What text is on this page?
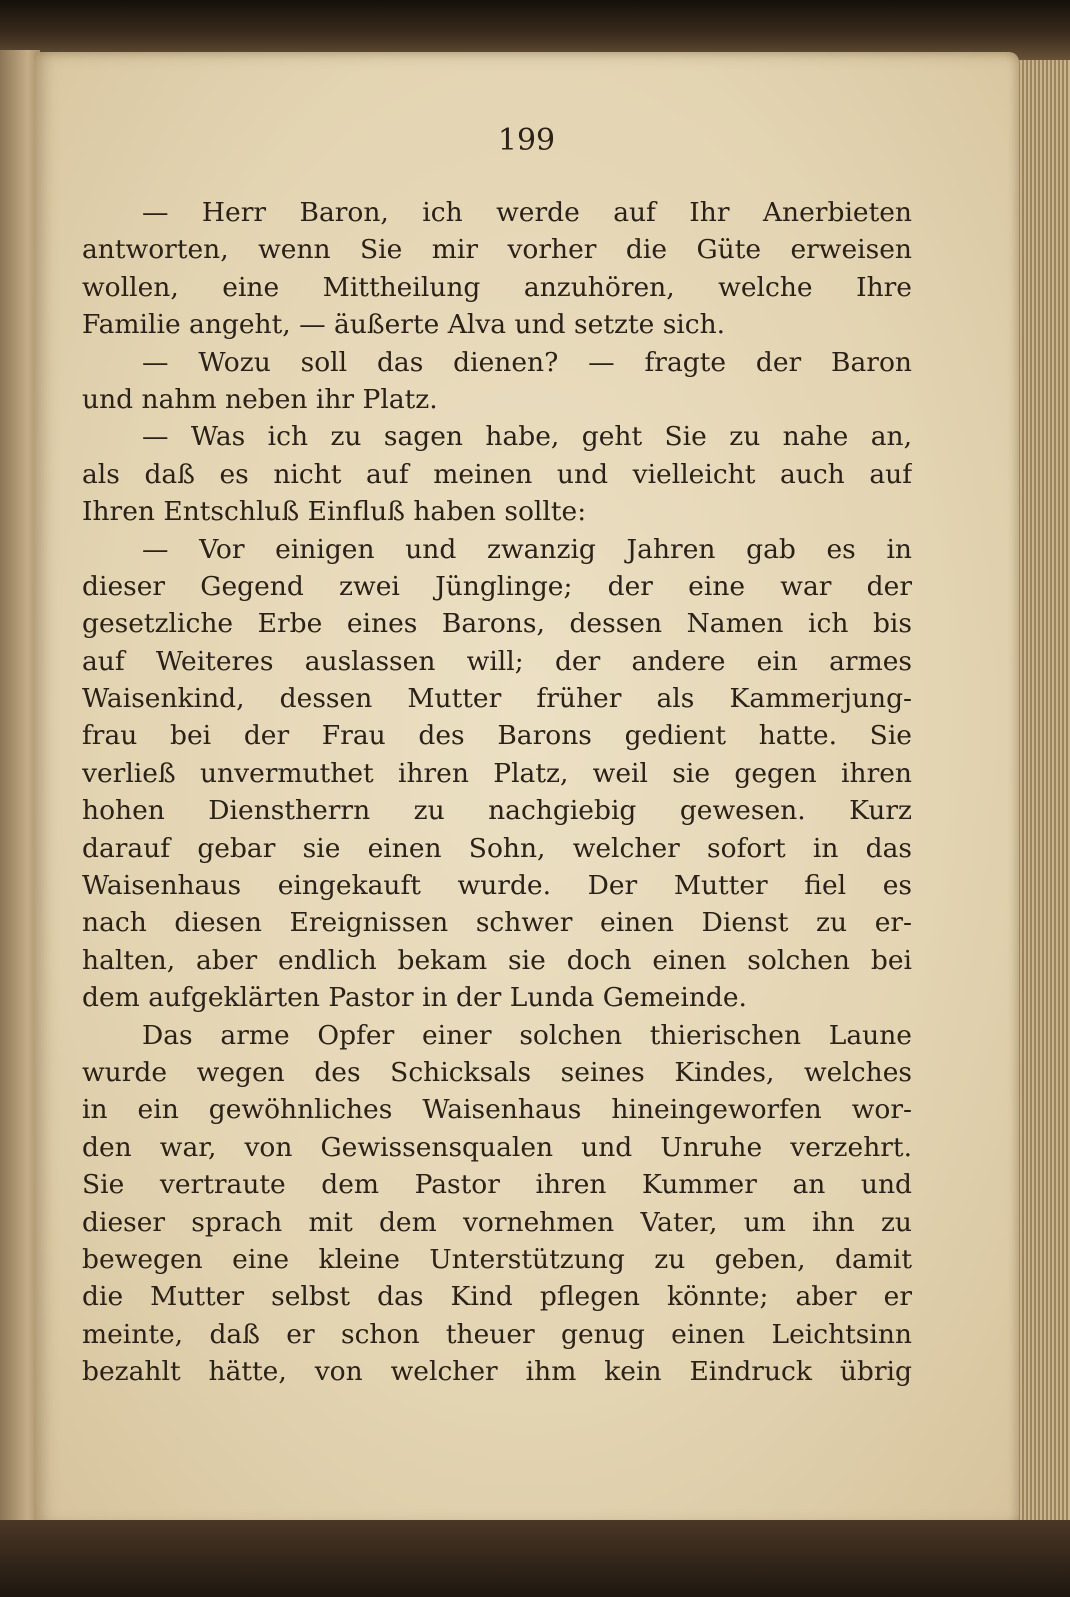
199

— Herr Baron, ich werde auf Ihr Anerbieten
antworten, wenn Sie mir vorher die Güte erweisen
wollen, eine Mittheilung anzuhören, welche Ihre
Familie angeht, — äußerte Alva und setzte sich.
— Wozu soll das dienen? — fragte der Baron
und nahm neben ihr Platz.
— Was ich zu sagen habe, geht Sie zu nahe an,
als daß es nicht auf meinen und vielleicht auch auf
Ihren Entschluß Einfluß haben sollte:
— Vor einigen und zwanzig Jahren gab es in
dieser Gegend zwei Jünglinge; der eine war der
gesetzliche Erbe eines Barons, dessen Namen ich bis
auf Weiteres auslassen will; der andere ein armes
Waisenkind, dessen Mutter früher als Kammerjung-
frau bei der Frau des Barons gedient hatte. Sie
verließ unvermuthet ihren Platz, weil sie gegen ihren
hohen Dienstherrn zu nachgiebig gewesen. Kurz
darauf gebar sie einen Sohn, welcher sofort in das
Waisenhaus eingekauft wurde. Der Mutter fiel es
nach diesen Ereignissen schwer einen Dienst zu er-
halten, aber endlich bekam sie doch einen solchen bei
dem aufgeklärten Pastor in der Lunda Gemeinde.
Das arme Opfer einer solchen thierischen Laune
wurde wegen des Schicksals seines Kindes, welches
in ein gewöhnliches Waisenhaus hineingeworfen wor-
den war, von Gewissensqualen und Unruhe verzehrt.
Sie vertraute dem Pastor ihren Kummer an und
dieser sprach mit dem vornehmen Vater, um ihn zu
bewegen eine kleine Unterstützung zu geben, damit
die Mutter selbst das Kind pflegen könnte; aber er
meinte, daß er schon theuer genug einen Leichtsinn
bezahlt hätte, von welcher ihm kein Eindruck übrig
